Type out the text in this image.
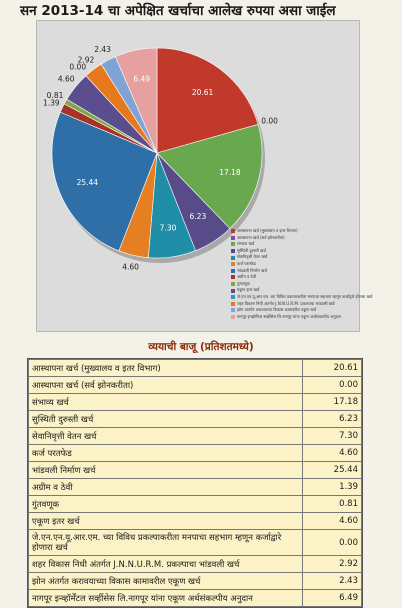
सन 2013-14 चा अपेक्षित खर्चाचा आलेख रुपया असा जाईल
20.61
0.00
17.18
6.23
7.30
4.60
25.44
1.39
0.81
4.60
0.00
2.92
2.43
6.49
आस्थापना खर्च (मुख्यालय व इतर विभाग)
आस्थापना खर्च (सर्व झोनकरीता)
संभाव्य खर्च
सुस्थिती दुरुस्ती खर्च
सेवानिवृत्ती वेतन खर्च
कर्ज परतफेड
भांडवली निर्माण खर्च
अग्रीम व ठेवी
गुंतवणूक
एकूण इतर खर्च
जे.एन.एन.यू.आर.एम. च्या विविध प्रकल्पाकरीता मनपाचा सहभाग म्हणून कर्जाद्वारे होणारा खर्च
शहर विकास निधी अंतर्गत J.N.N.U.R.M. प्रकल्पाचा भांडवली खर्च
झोन अंतर्गत करावयाच्या विकास कामावरील एकूण खर्च
नागपूर इन्व्हॉर्मेंटल सर्व्हीसेस लि.नागपूर यांना एकूण अर्थसंकल्पीय अनुदान
व्ययाची बाजू (प्रतिशतमध्ये)
आस्थापना खर्च (मुख्यालय व इतर विभाग)	20.61
आस्थापना खर्च (सर्व झोनकरीता)	0.00
संभाव्य खर्च	17.18
सुस्थिती दुरुस्ती खर्च	6.23
सेवानिवृत्ती वेतन खर्च	7.30
कर्ज परतफेड	4.60
भांडवली निर्माण खर्च	25.44
अग्रीम व ठेवी	1.39
गुंतवणूक	0.81
एकूण इतर खर्च	4.60
जे.एन.एन.यू.आर.एम. च्या विविध प्रकल्पाकरीता मनपाचा सहभाग म्हणून कर्जाद्वारे होणारा खर्च	0.00
शहर विकास निधी अंतर्गत J.N.N.U.R.M. प्रकल्पाचा भांडवली खर्च	2.92
झोन अंतर्गत करावयाच्या विकास कामावरील एकूण खर्च	2.43
नागपूर इन्व्हॉर्मेंटल सर्व्हीसेस लि.नागपूर यांना एकूण अर्थसंकल्पीय अनुदान	6.49
